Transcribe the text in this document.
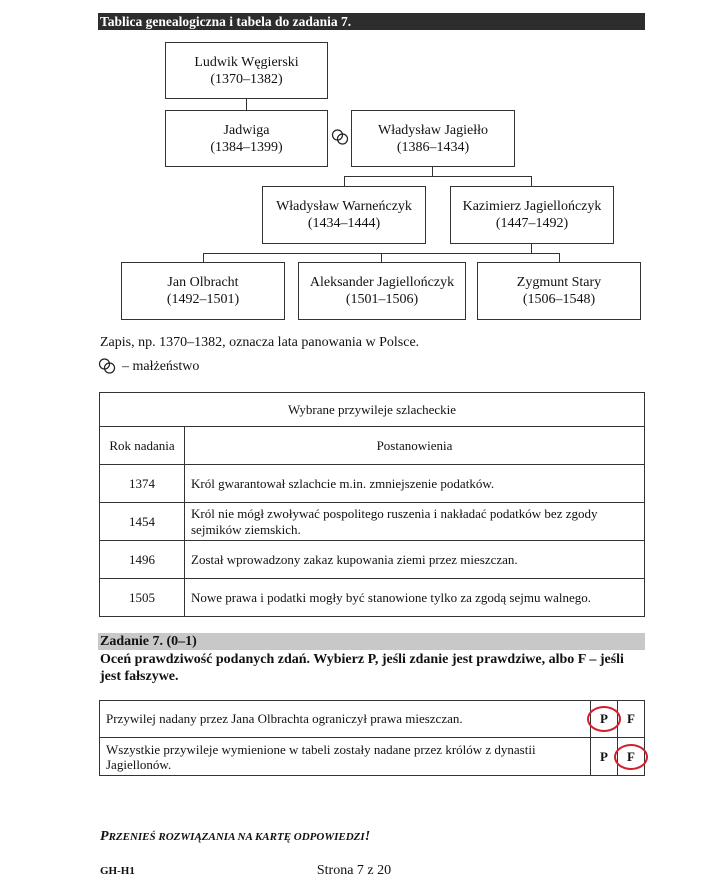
Tablica genealogiczna i tabela do zadania 7.
Ludwik Węgierski
(1370–1382)
Jadwiga
(1384–1399)
Władysław Jagiełło
(1386–1434)
Władysław Warneńczyk
(1434–1444)
Kazimierz Jagiellończyk
(1447–1492)
Jan Olbracht
(1492–1501)
Aleksander Jagiellończyk
(1501–1506)
Zygmunt Stary
(1506–1548)
Zapis, np. 1370–1382, oznacza lata panowania w Polsce.
– małżeństwo
Wybrane przywileje szlacheckie	
Rok nadania	Postanowienia
1374	Król gwarantował szlachcie m.in. zmniejszenie podatków.
1454	Król nie mógł zwoływać pospolitego ruszenia i nakładać podatków bez zgody sejmików ziemskich.
1496	Został wprowadzony zakaz kupowania ziemi przez mieszczan.
1505	Nowe prawa i podatki mogły być stanowione tylko za zgodą sejmu walnego.
Zadanie 7. (0–1)
Oceń prawdziwość podanych zdań. Wybierz P, jeśli zdanie jest prawdziwe, albo F – jeśli jest fałszywe.
Przywilej nadany przez Jana Olbrachta ograniczył prawa mieszczan.	P	F
Wszystkie przywileje wymienione w tabeli zostały nadane przez królów z dynastii Jagiellonów.	P	F
PRZENIEŚ ROZWIĄZANIA NA KARTĘ ODPOWIEDZI!
GH-H1	Strona 7 z 20
